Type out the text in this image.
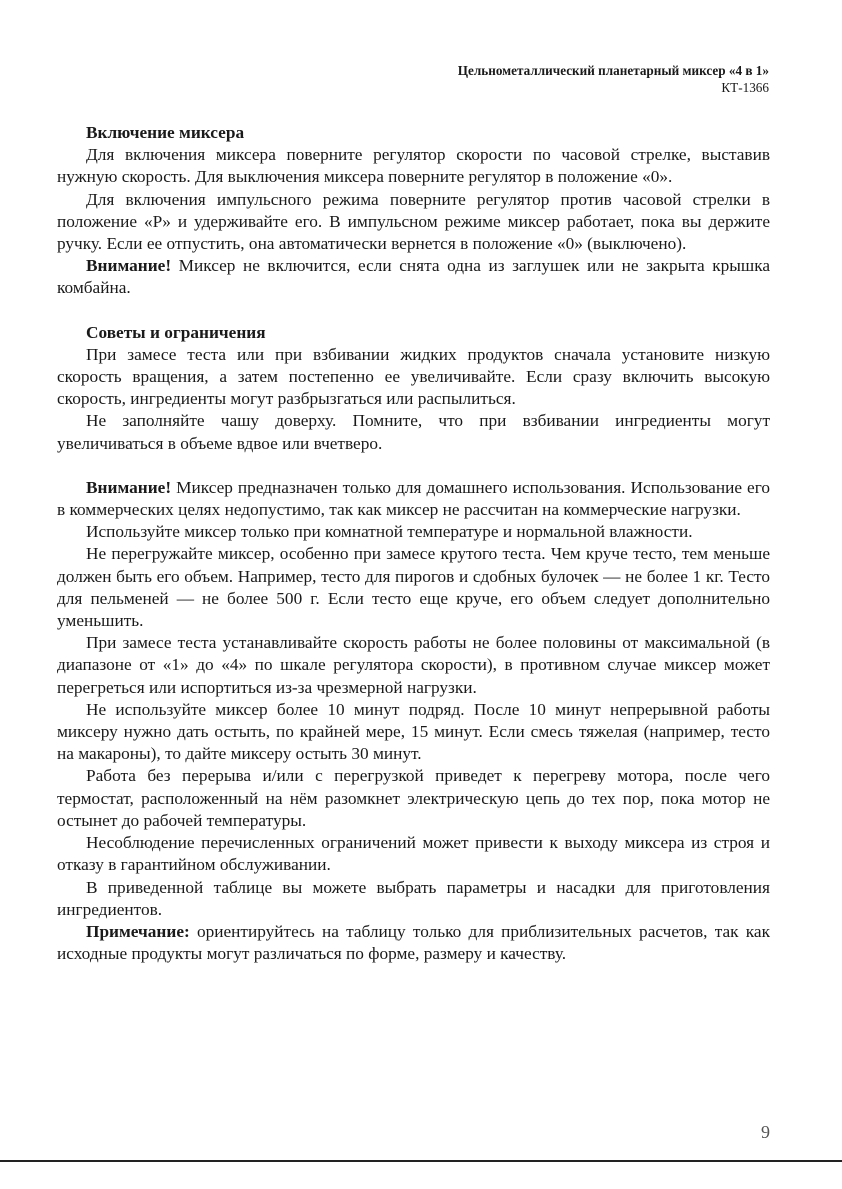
Цельнометаллический планетарный миксер «4 в 1»
КТ-1366
Включение миксера

Для включения миксера поверните регулятор скорости по часовой стрелке, выставив нужную скорость. Для выключения миксера поверните регулятор в положение «0».

Для включения импульсного режима поверните регулятор против часовой стрелки в положение «P» и удерживайте его. В импульсном режиме миксер работает, пока вы держите ручку. Если ее отпустить, она автоматически вернется в положение «0» (выключено).

Внимание! Миксер не включится, если снята одна из заглушек или не закрыта крышка комбайна.

Советы и ограничения

При замесе теста или при взбивании жидких продуктов сначала установите низкую скорость вращения, а затем постепенно ее увеличивайте. Если сразу включить высокую скорость, ингредиенты могут разбрызгаться или распылиться.

Не заполняйте чашу доверху. Помните, что при взбивании ингредиенты могут увеличиваться в объеме вдвое или вчетверо.

Внимание! Миксер предназначен только для домашнего использования. Использование его в коммерческих целях недопустимо, так как миксер не рассчитан на коммерческие нагрузки.

Используйте миксер только при комнатной температуре и нормальной влажности.

Не перегружайте миксер, особенно при замесе крутого теста. Чем круче тесто, тем меньше должен быть его объем. Например, тесто для пирогов и сдобных булочек — не более 1 кг. Тесто для пельменей — не более 500 г. Если тесто еще круче, его объем следует дополнительно уменьшить.

При замесе теста устанавливайте скорость работы не более половины от максимальной (в диапазоне от «1» до «4» по шкале регулятора скорости), в противном случае миксер может перегреться или испортиться из-за чрезмерной нагрузки.

Не используйте миксер более 10 минут подряд. После 10 минут непрерывной работы миксеру нужно дать остыть, по крайней мере, 15 минут. Если смесь тяжелая (например, тесто на макароны), то дайте миксеру остыть 30 минут.

Работа без перерыва и/или с перегрузкой приведет к перегреву мотора, после чего термостат, расположенный на нём разомкнет электрическую цепь до тех пор, пока мотор не остынет до рабочей температуры.

Несоблюдение перечисленных ограничений может привести к выходу миксера из строя и отказу в гарантийном обслуживании.

В приведенной таблице вы можете выбрать параметры и насадки для приготовления ингредиентов.

Примечание: ориентируйтесь на таблицу только для приблизительных расчетов, так как исходные продукты могут различаться по форме, размеру и качеству.

9
